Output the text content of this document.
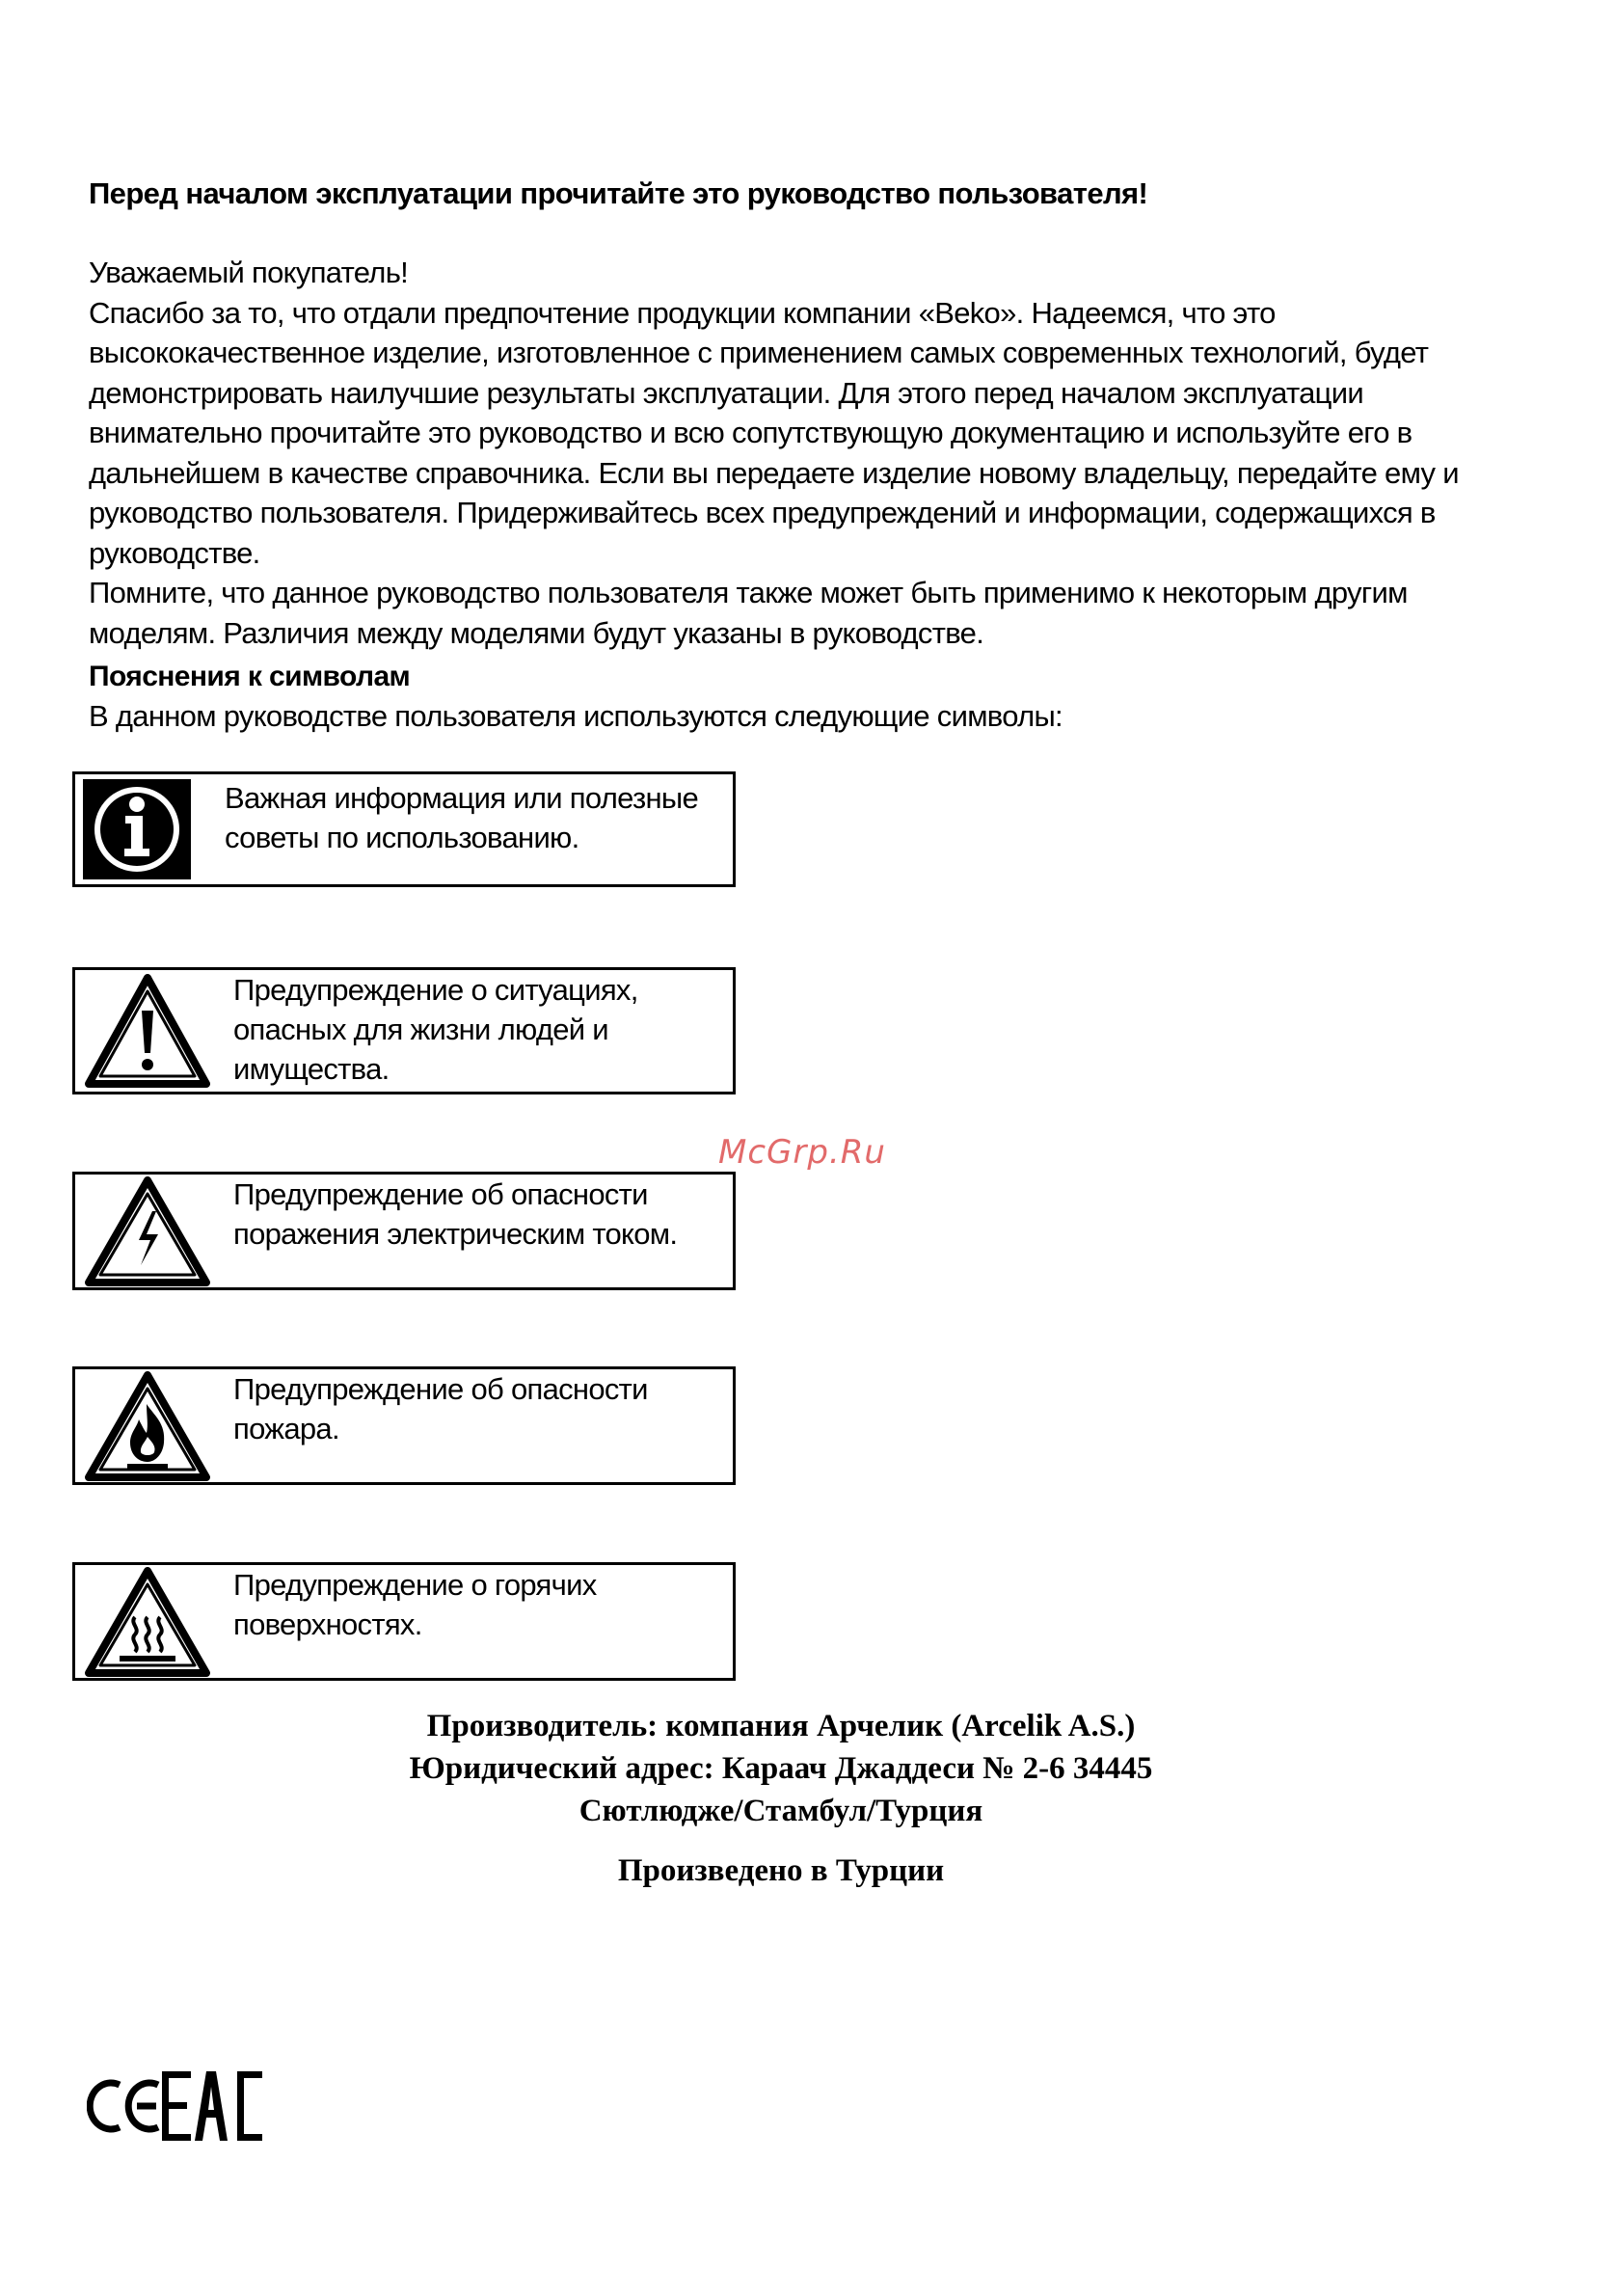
Перед началом эксплуатации прочитайте это руководство пользователя!

Уважаемый покупатель!

Спасибо за то, что отдали предпочтение продукции компании «Beko». Надеемся, что это высококачественное изделие, изготовленное с применением самых современных технологий, будет демонстрировать наилучшие результаты эксплуатации. Для этого перед началом эксплуатации внимательно прочитайте это руководство и всю сопутствующую документацию и используйте его в дальнейшем в качестве справочника. Если вы передаете изделие новому владельцу, передайте ему и руководство пользователя. Придерживайтесь всех предупреждений и информации, содержащихся в руководстве.

Помните, что данное руководство пользователя также может быть применимо к некоторым другим моделям. Различия между моделями будут указаны в руководстве.

Пояснения к символам
В данном руководстве пользователя используются следующие символы:
Важная информация или полезные
советы по использованию.
Предупреждение о ситуациях,
опасных для жизни людей и
имущества.
Предупреждение об опасности
поражения электрическим током.
Предупреждение об опасности
пожара.
Предупреждение о горячих
поверхностях.
McGrp.Ru
Производитель: компания Арчелик (Arcelik A.S.)
Юридический адрес: Карaач Джаддеси № 2-6 34445
Сютлюдже/Стамбул/Турция
Произведено в Турции
